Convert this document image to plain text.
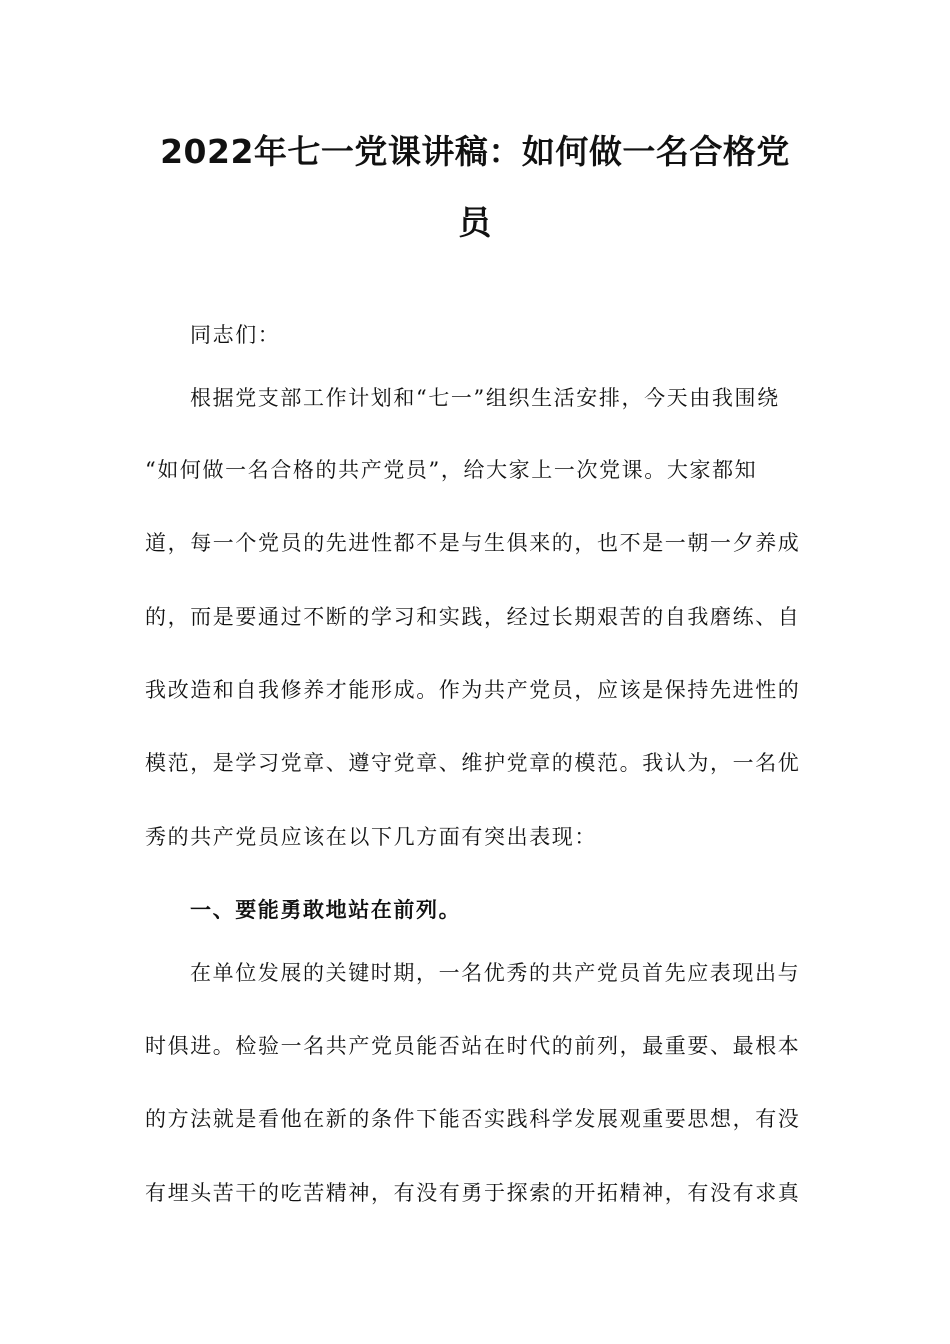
2022年七一党课讲稿：如何做一名合格党
员
同志们：
根据党支部工作计划和“七一”组织生活安排，今天由我围绕
“如何做一名合格的共产党员”，给大家上一次党课。大家都知
道，每一个党员的先进性都不是与生俱来的，也不是一朝一夕养成
的，而是要通过不断的学习和实践，经过长期艰苦的自我磨练、自
我改造和自我修养才能形成。作为共产党员，应该是保持先进性的
模范，是学习党章、遵守党章、维护党章的模范。我认为，一名优
秀的共产党员应该在以下几方面有突出表现：
一、要能勇敢地站在前列。
在单位发展的关键时期，一名优秀的共产党员首先应表现出与
时俱进。检验一名共产党员能否站在时代的前列，最重要、最根本
的方法就是看他在新的条件下能否实践科学发展观重要思想，有没
有埋头苦干的吃苦精神，有没有勇于探索的开拓精神，有没有求真
